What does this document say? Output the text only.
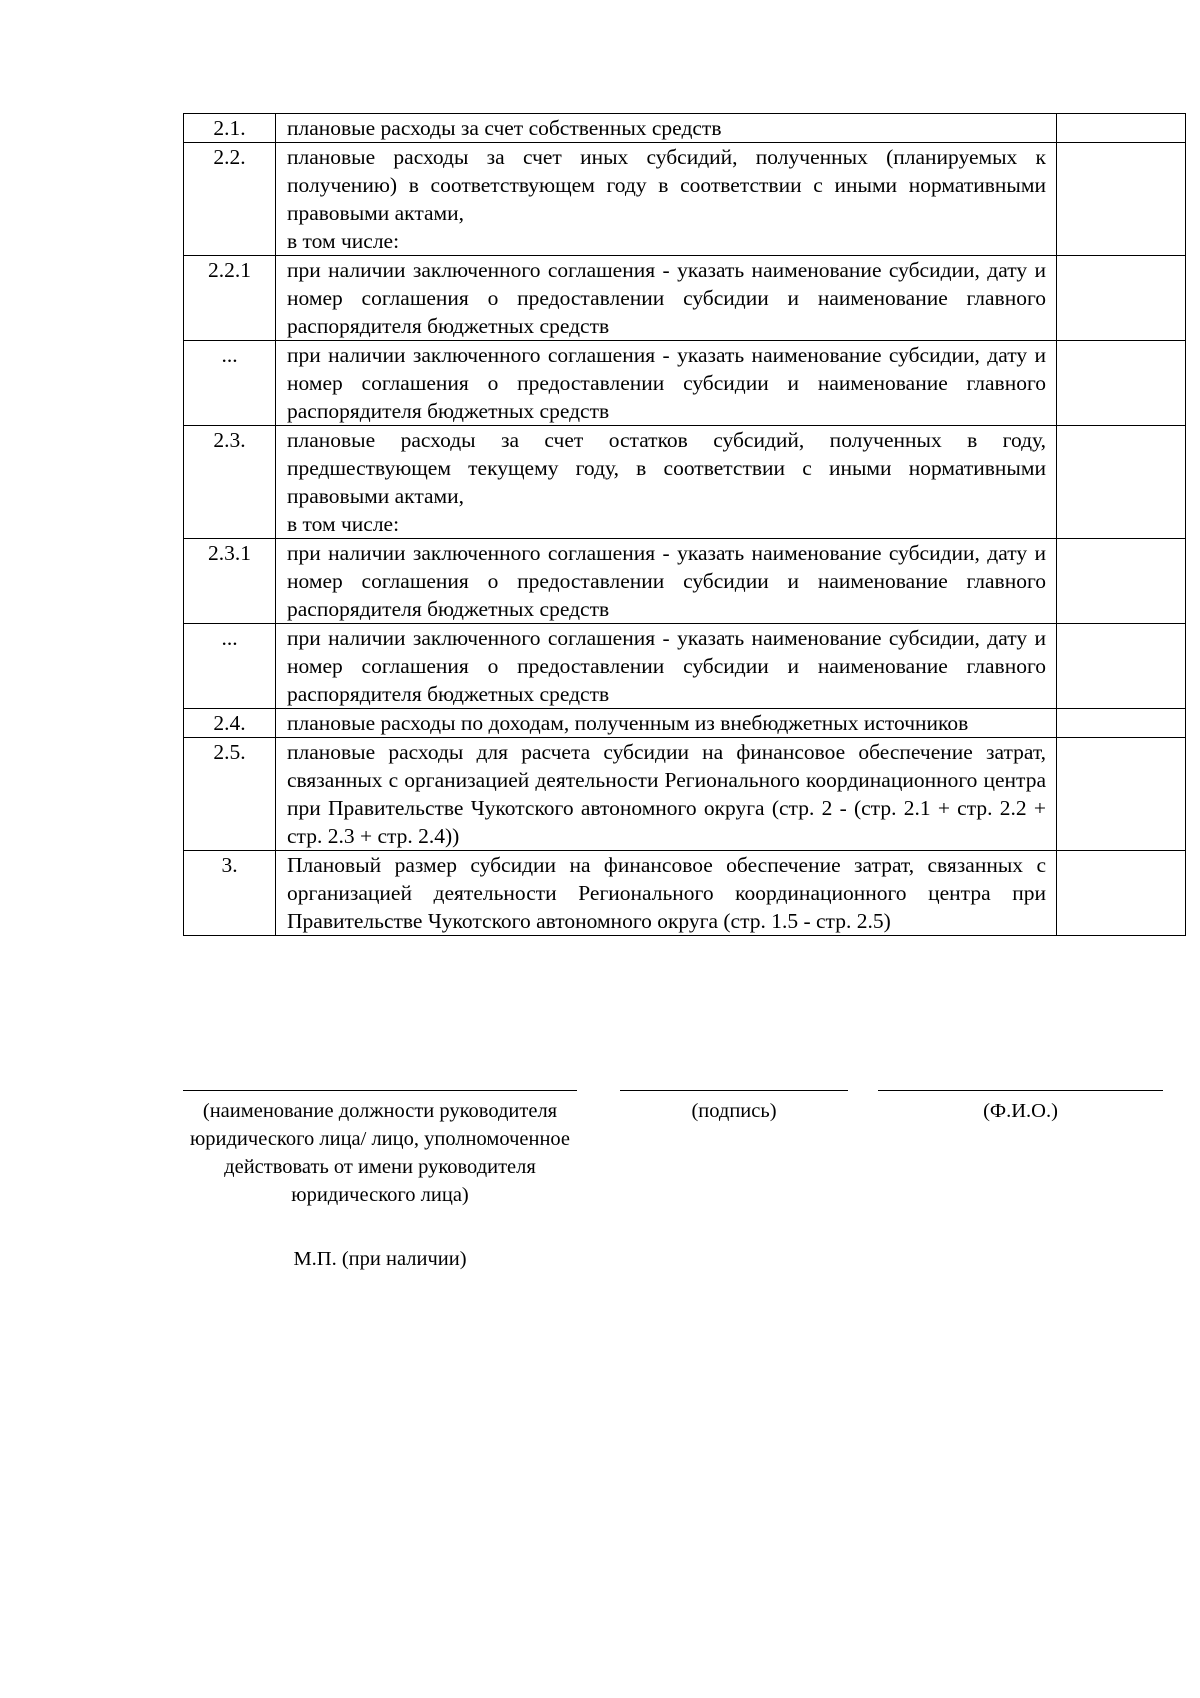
2.1.	плановые расходы за счет собственных средств	

2.2.	плановые расходы за счет иных субсидий, полученных (планируемых к получению) в соответствующем году в соответствии с иными нормативными правовыми актами,
в том числе:	

2.2.1	при наличии заключенного соглашения - указать наименование субсидии, дату и номер соглашения о предоставлении субсидии и наименование главного распорядителя бюджетных средств	

...	при наличии заключенного соглашения - указать наименование субсидии, дату и номер соглашения о предоставлении субсидии и наименование главного распорядителя бюджетных средств	

2.3.	плановые расходы за счет остатков субсидий, полученных в году, предшествующем текущему году, в соответствии с иными нормативными правовыми актами,
в том числе:	

2.3.1	при наличии заключенного соглашения - указать наименование субсидии, дату и номер соглашения о предоставлении субсидии и наименование главного распорядителя бюджетных средств	

...	при наличии заключенного соглашения - указать наименование субсидии, дату и номер соглашения о предоставлении субсидии и наименование главного распорядителя бюджетных средств	

2.4.	плановые расходы по доходам, полученным из внебюджетных источников	

2.5.	плановые расходы для расчета субсидии на финансовое обеспечение затрат, связанных с организацией деятельности Регионального координационного центра при Правительстве Чукотского автономного округа (стр. 2 - (стр. 2.1 + стр. 2.2 + стр. 2.3 + стр. 2.4))	

3.	Плановый размер субсидии на финансовое обеспечение затрат, связанных с организацией деятельности Регионального координационного центра при Правительстве Чукотского автономного округа (стр. 1.5 - стр. 2.5)	

(наименование должности руководителя юридического лица/ лицо, уполномоченное действовать от имени руководителя юридического лица)
(подпись)	(Ф.И.О.)
М.П. (при наличии)
